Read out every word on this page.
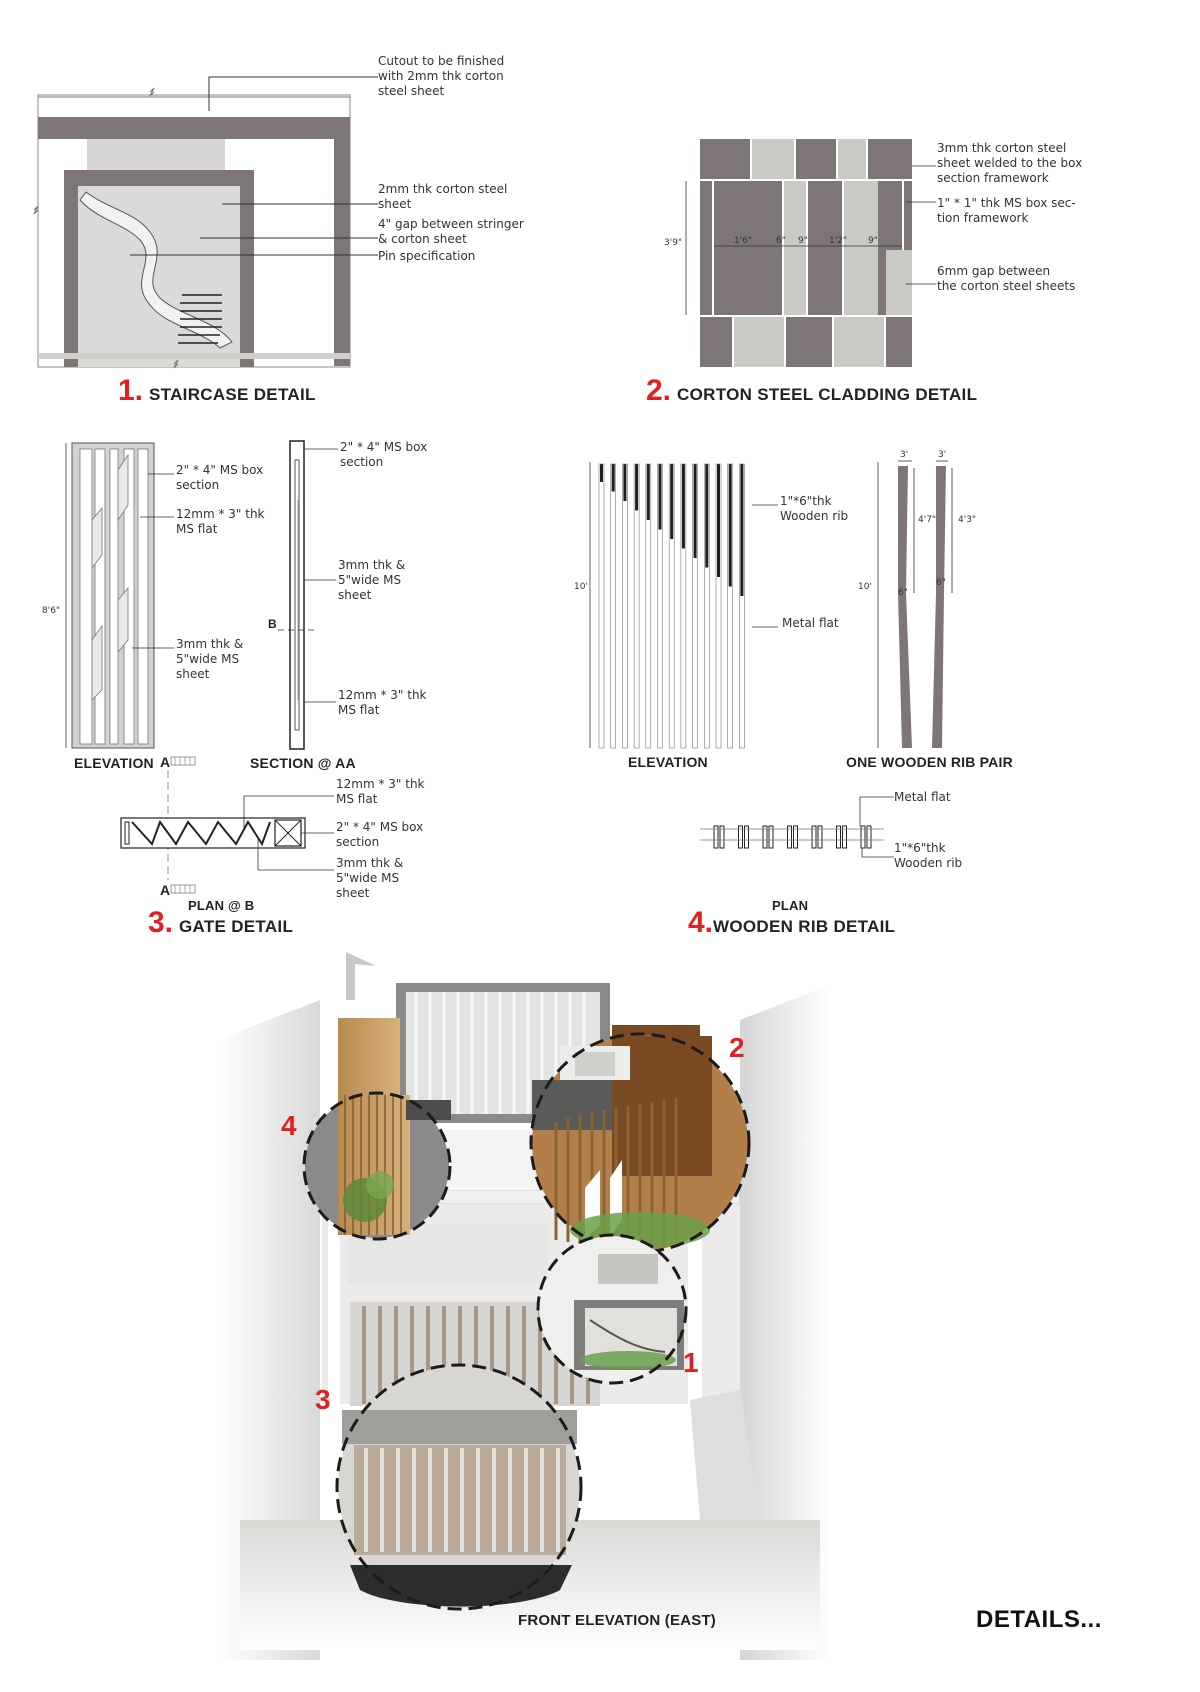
Cutout to be finished
with 2mm thk corton
steel sheet
2mm thk corton steel
sheet
4" gap between stringer
& corton sheet
Pin specification
1. STAIRCASE DETAIL
3'9"	1'6"	6" 9" 1'2" 9"
3mm thk corton steel
sheet welded to the box
section framework
1" * 1" thk MS box sec-
tion framework
6mm gap between
the corton steel sheets
2. CORTON STEEL CLADDING DETAIL
8'6"
2" * 4" MS box
section
12mm * 3" thk
MS flat
3mm thk &
5"wide MS
sheet
2" * 4" MS box
section
3mm thk &
5"wide MS
sheet
12mm * 3" thk
MS flat
B
ELEVATION A	SECTION @ AA
12mm * 3" thk
MS flat
2" * 4" MS box
section
3mm thk &
5"wide MS
sheet
A
PLAN @ B
3. GATE DETAIL
1"*6"thk
Wooden rib
Metal flat
10'
ELEVATION
3'	3'
4'7" 4'3"
10'
6"
6"
ONE WOODEN RIB PAIR
Metal flat
1"*6"thk
Wooden rib
PLAN
4. WOODEN RIB DETAIL
2
4
1
3
FRONT ELEVATION (EAST)	DETAILS...
